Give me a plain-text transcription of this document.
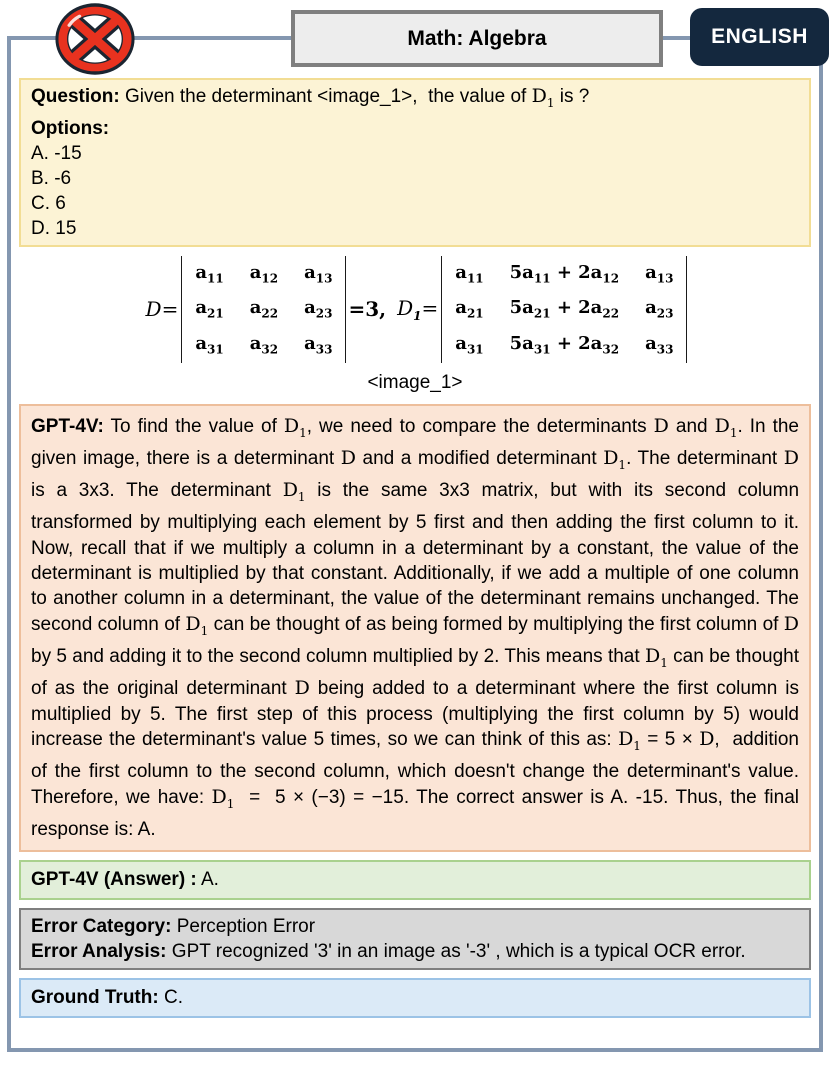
Question: Given the determinant <image_1>,  the value of $D_1$ is ?
Options:
A. -15
B. -6
C. 6
D. 15
D=
$a_{11}$	$a_{12}$	$a_{13}$
$a_{21}$	$a_{22}$	$a_{23}$
$a_{31}$	$a_{32}$	$a_{33}$
=3, $D_1=$
$a_{11}$	$5a_{11} + 2a_{12}$	$a_{13}$
$a_{21}$	$5a_{21} + 2a_{22}$	$a_{23}$
$a_{31}$	$5a_{31} + 2a_{32}$	$a_{33}$
<image_1>
GPT-4V: To find the value of $D_1$, we need to compare the determinants D and $D_1$. In the given image, there is a determinant D and a modified determinant $D_1$. The determinant D is a 3x3. The determinant $D_1$ is the same 3x3 matrix, but with its second column transformed by multiplying each element by 5 first and then adding the first column to it. Now, recall that if we multiply a column in a determinant by a constant, the value of the determinant is multiplied by that constant. Additionally, if we add a multiple of one column to another column in a determinant, the value of the determinant remains unchanged. The second column of $D_1$ can be thought of as being formed by multiplying the first column of D by 5 and adding it to the second column multiplied by 2. This means that $D_1$ can be thought of as the original determinant D being added to a determinant where the first column is multiplied by 5. The first step of this process (multiplying the first column by 5) would increase the determinant's value 5 times, so we can think of this as: $D_1 = 5 \times D$,  addition of the first column to the second column, which doesn't change the determinant's value. Therefore, we have: $D_1 = 5 \times (-3) = -15$. The correct answer is A. -15. Thus, the final response is: A.
GPT-4V (Answer) : A.
Error Category: Perception Error
Error Analysis: GPT recognized '3' in an image as '-3' , which is a typical OCR error.
Ground Truth: C.
Math: Algebra	ENGLISH
